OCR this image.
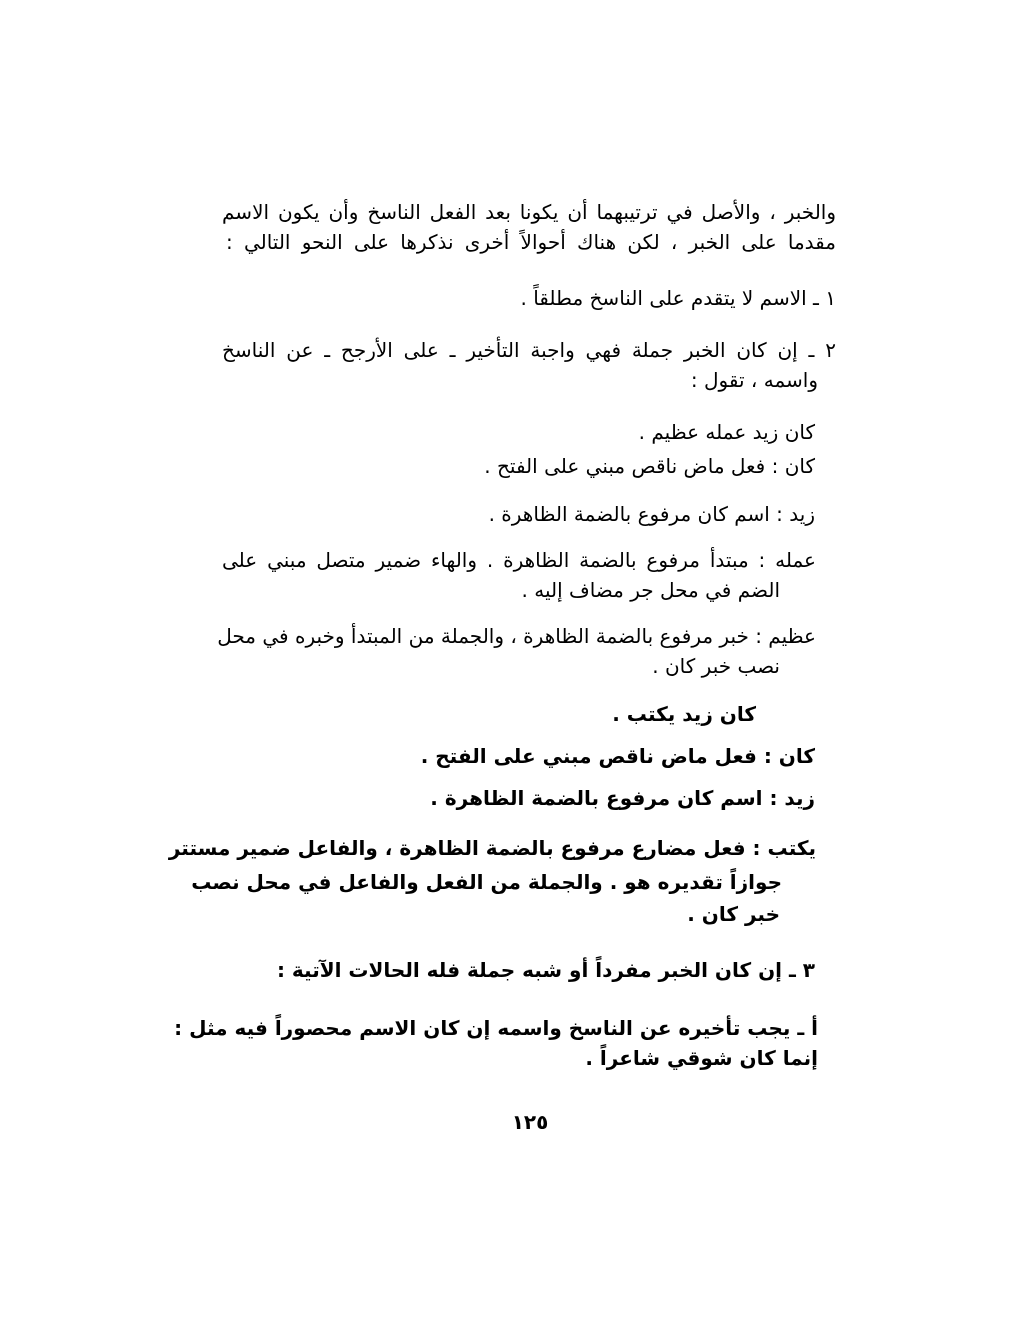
والخبر ، والأصل في ترتيبهما أن يكونا بعد الفعل الناسخ وأن يكون الاسم
مقدما على الخبر ، لكن هناك أحوالاً أخرى نذكرها على النحو التالي :
١ ـ الاسم لا يتقدم على الناسخ مطلقاً .
٢ ـ إن كان الخبر جملة فهي واجبة التأخير ـ على الأرجح ـ عن الناسخ
واسمه ، تقول :
كان زيد عمله عظيم .
كان : فعل ماض ناقص مبني على الفتح .
زيد : اسم كان مرفوع بالضمة الظاهرة .
عمله : مبتدأ مرفوع بالضمة الظاهرة . والهاء ضمير متصل مبني على
الضم في محل جر مضاف إليه .
عظيم : خبر مرفوع بالضمة الظاهرة ، والجملة من المبتدأ وخبره في محل
نصب خبر كان .
كان زيد يكتب .
كان : فعل ماض ناقص مبني على الفتح .
زيد : اسم كان مرفوع بالضمة الظاهرة .
يكتب : فعل مضارع مرفوع بالضمة الظاهرة ، والفاعل ضمير مستتر
جوازاً تقديره هو . والجملة من الفعل والفاعل في محل نصب
خبر كان .
٣ ـ إن كان الخبر مفرداً أو شبه جملة فله الحالات الآتية :
أ ـ يجب تأخيره عن الناسخ واسمه إن كان الاسم محصوراً فيه مثل :
إنما كان شوقي شاعراً .
١٢٥
